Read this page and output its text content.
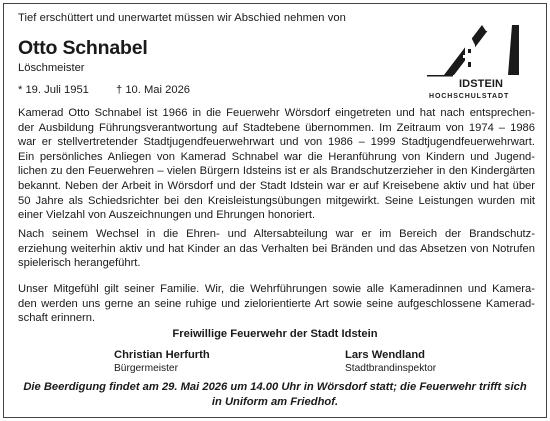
Tief erschüttert und unerwartet müssen wir Abschied nehmen von
Otto Schnabel
Löschmeister
* 19. Juli 1951 † 10. Mai 2026	IDSTEIN
HOCHSCHULSTADT
Kamerad Otto Schnabel ist 1966 in die Feuerwehr Wörsdorf eingetreten und hat nach entsprechen-
der Ausbildung Führungsverantwortung auf Stadtebene übernommen. Im Zeitraum von 1974 – 1986
war er stellvertretender Stadtjugendfeuerwehrwart und von 1986 – 1999 Stadtjugendfeuerwehrwart.
Ein persönliches Anliegen von Kamerad Schnabel war die Heranführung von Kindern und Jugend-
lichen zu den Feuerwehren – vielen Bürgern Idsteins ist er als Brandschutzerzieher in den Kindergärten
bekannt. Neben der Arbeit in Wörsdorf und der Stadt Idstein war er auf Kreisebene aktiv und hat über
50 Jahre als Schiedsrichter bei den Kreisleistungsübungen mitgewirkt. Seine Leistungen wurden mit
einer Vielzahl von Auszeichnungen und Ehrungen honoriert.
Nach seinem Wechsel in die Ehren- und Altersabteilung war er im Bereich der Brandschutz-
erziehung weiterhin aktiv und hat Kinder an das Verhalten bei Bränden und das Absetzen von Notrufen
spielerisch herangeführt.
Unser Mitgefühl gilt seiner Familie. Wir, die Wehrführungen sowie alle Kameradinnen und Kamera-
den werden uns gerne an seine ruhige und zielorientierte Art sowie seine aufgeschlossene Kamerad-
schaft erinnern.
Freiwillige Feuerwehr der Stadt Idstein
Christian Herfurth
Bürgermeister
Lars Wendland
Stadtbrandinspektor
Die Beerdigung findet am 29. Mai 2026 um 14.00 Uhr in Wörsdorf statt; die Feuerwehr trifft sich
in Uniform am Friedhof.
